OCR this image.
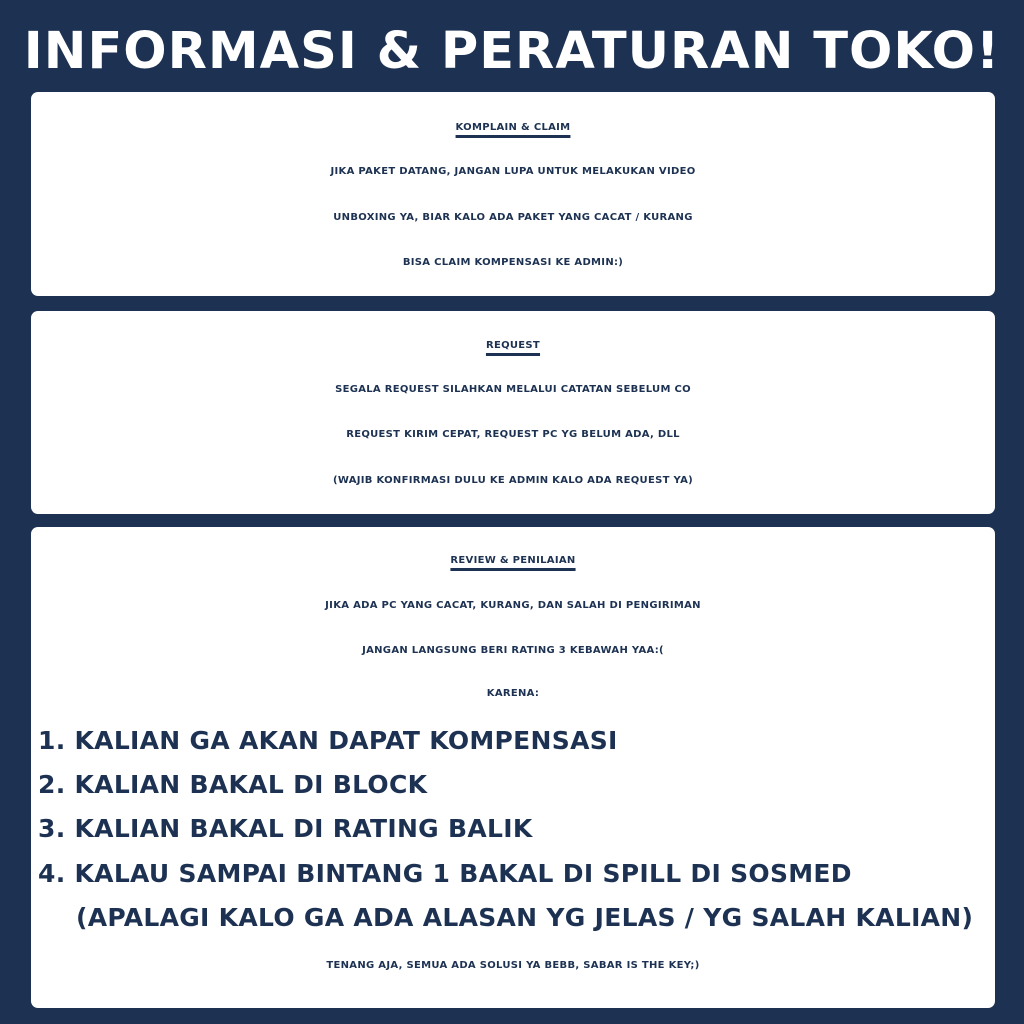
INFORMASI & PERATURAN TOKO!
KOMPLAIN & CLAIM
JIKA PAKET DATANG, JANGAN LUPA UNTUK MELAKUKAN VIDEO
UNBOXING YA, BIAR KALO ADA PAKET YANG CACAT / KURANG
BISA CLAIM KOMPENSASI KE ADMIN:)
REQUEST
SEGALA REQUEST SILAHKAN MELALUI CATATAN SEBELUM CO
REQUEST KIRIM CEPAT, REQUEST PC YG BELUM ADA, DLL
(WAJIB KONFIRMASI DULU KE ADMIN KALO ADA REQUEST YA)
REVIEW & PENILAIAN
JIKA ADA PC YANG CACAT, KURANG, DAN SALAH DI PENGIRIMAN
JANGAN LANGSUNG BERI RATING 3 KEBAWAH YAA:(
KARENA:
1. KALIAN GA AKAN DAPAT KOMPENSASI
2. KALIAN BAKAL DI BLOCK
3. KALIAN BAKAL DI RATING BALIK
4. KALAU SAMPAI BINTANG 1 BAKAL DI SPILL DI SOSMED
(APALAGI KALO GA ADA ALASAN YG JELAS / YG SALAH KALIAN)
TENANG AJA, SEMUA ADA SOLUSI YA BEBB, SABAR IS THE KEY;)
